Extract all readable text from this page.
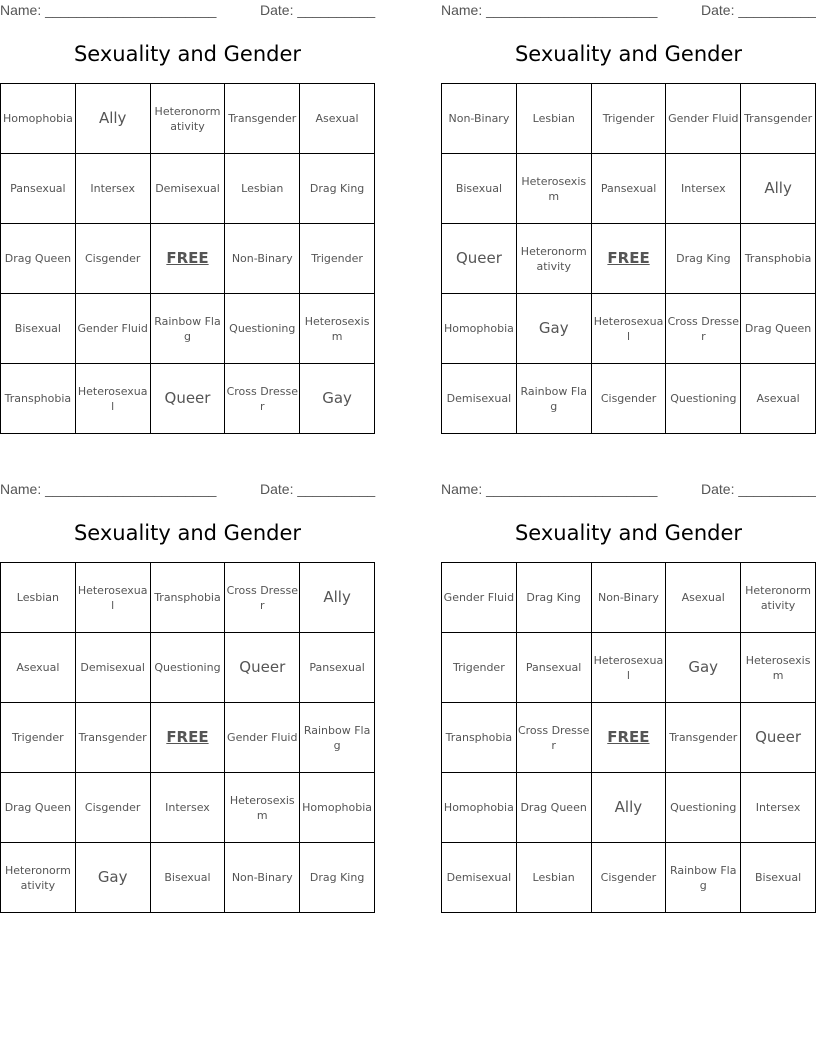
Name: ______________________	Date: __________
Sexuality and Gender
Homophobia	Ally	Heteronormativity	Transgender	Asexual
Pansexual	Intersex	Demisexual	Lesbian	Drag King
Drag Queen	Cisgender	FREE	Non-Binary	Trigender
Bisexual	Gender Fluid	Rainbow Flag	Questioning	Heterosexism
Transphobia	Heterosexual	Queer	Cross Dresser	Gay
Name: ______________________	Date: __________
Sexuality and Gender
Non-Binary	Lesbian	Trigender	Gender Fluid	Transgender
Bisexual	Heterosexism	Pansexual	Intersex	Ally
Queer	Heteronormativity	FREE	Drag King	Transphobia
Homophobia	Gay	Heterosexual	Cross Dresser	Drag Queen
Demisexual	Rainbow Flag	Cisgender	Questioning	Asexual
Name: ______________________	Date: __________
Sexuality and Gender
Lesbian	Heterosexual	Transphobia	Cross Dresser	Ally
Asexual	Demisexual	Questioning	Queer	Pansexual
Trigender	Transgender	FREE	Gender Fluid	Rainbow Flag
Drag Queen	Cisgender	Intersex	Heterosexism	Homophobia
Heteronormativity	Gay	Bisexual	Non-Binary	Drag King
Name: ______________________	Date: __________
Sexuality and Gender
Gender Fluid	Drag King	Non-Binary	Asexual	Heteronormativity
Trigender	Pansexual	Heterosexual	Gay	Heterosexism
Transphobia	Cross Dresser	FREE	Transgender	Queer
Homophobia	Drag Queen	Ally	Questioning	Intersex
Demisexual	Lesbian	Cisgender	Rainbow Flag	Bisexual
